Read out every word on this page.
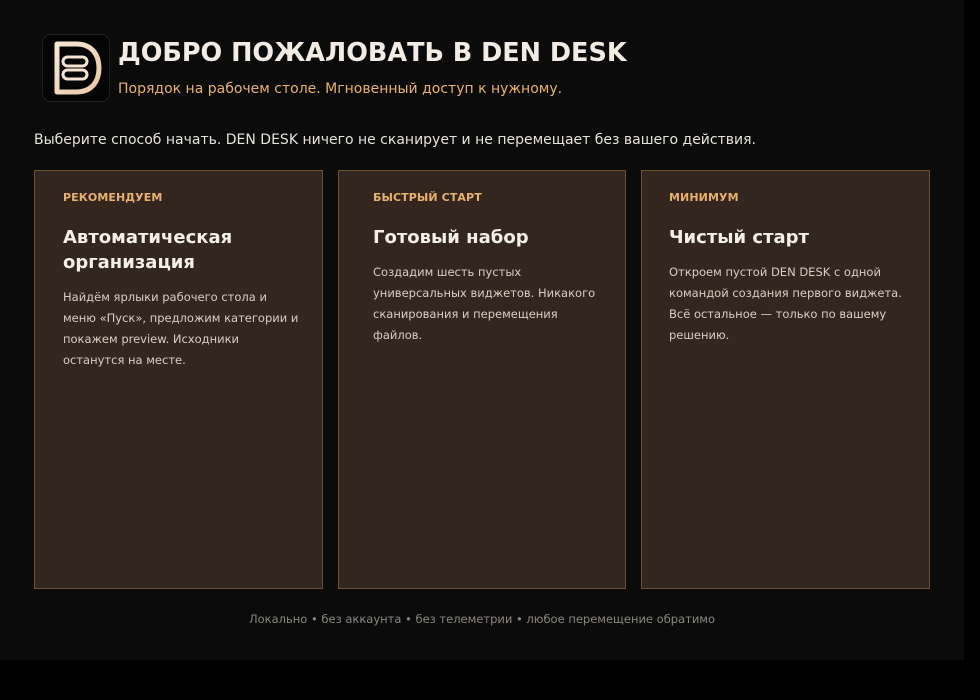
ДОБРО ПОЖАЛОВАТЬ В DEN DESK

Порядок на рабочем столе. Мгновенный доступ к нужному.

Выберите способ начать. DEN DESK ничего не сканирует и не перемещает без вашего действия.

РЕКОМЕНДУЕМ
Автоматическая организация
Найдём ярлыки рабочего стола и меню «Пуск», предложим категории и покажем preview. Исходники останутся на месте.
БЫСТРЫЙ СТАРТ
Готовый набор
Создадим шесть пустых универсальных виджетов. Никакого сканирования и перемещения файлов.
МИНИМУМ
Чистый старт
Откроем пустой DEN DESK с одной командой создания первого виджета. Всё остальное — только по вашему решению.

Локально • без аккаунта • без телеметрии • любое перемещение обратимо
